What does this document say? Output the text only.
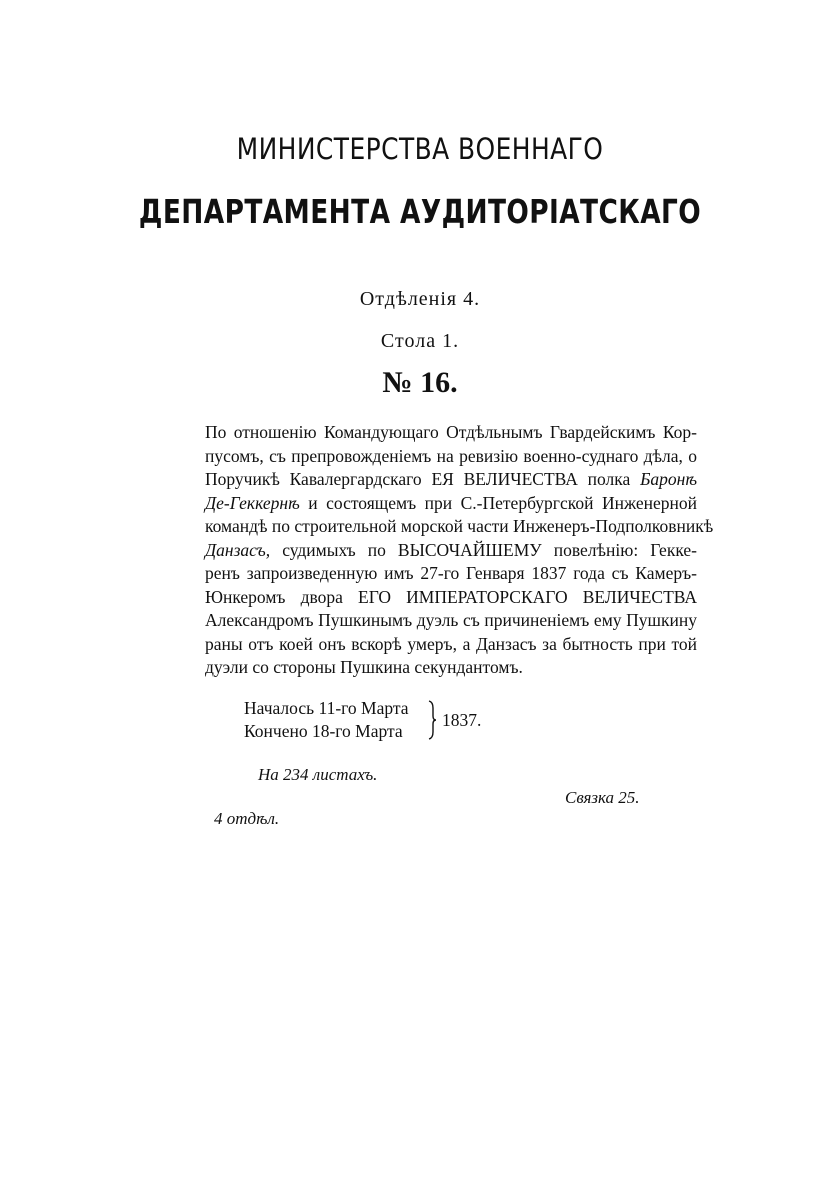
МИНИСТЕРСТВА ВОЕННАГО
ДЕПАРТАМЕНТА АУДИТОРІАТСКАГО
Отдѣленія 4.
Стола 1.
№ 16.
По отношенію Командующаго Отдѣльнымъ Гвардейскимъ Кор-
пусомъ, съ препровожденіемъ на ревизію военно-суднаго дѣла, о
Поручикѣ Кавалергардскаго ЕЯ ВЕЛИЧЕСТВА полка Баронѣ
Де-Геккернѣ и состоящемъ при С.-Петербургской Инженерной
командѣ по строительной морской части Инженеръ-Подполковникѣ
Данзасъ, судимыхъ по ВЫСОЧАЙШЕМУ повелѣнію: Гекке-
ренъ запроизведенную имъ 27-го Генваря 1837 года съ Камеръ-
Юнкеромъ двора ЕГО ИМПЕРАТОРСКАГО ВЕЛИЧЕСТВА
Александромъ Пушкинымъ дуэль съ причиненіемъ ему Пушкину
раны отъ коей онъ вскорѣ умеръ, а Данзасъ за бытность при той
дуэли со стороны Пушкина секундантомъ.
Началось 11-го Марта
Кончено 18-го Марта
1837.
На 234 листахъ.
Связка 25.
4 отдѣл.
